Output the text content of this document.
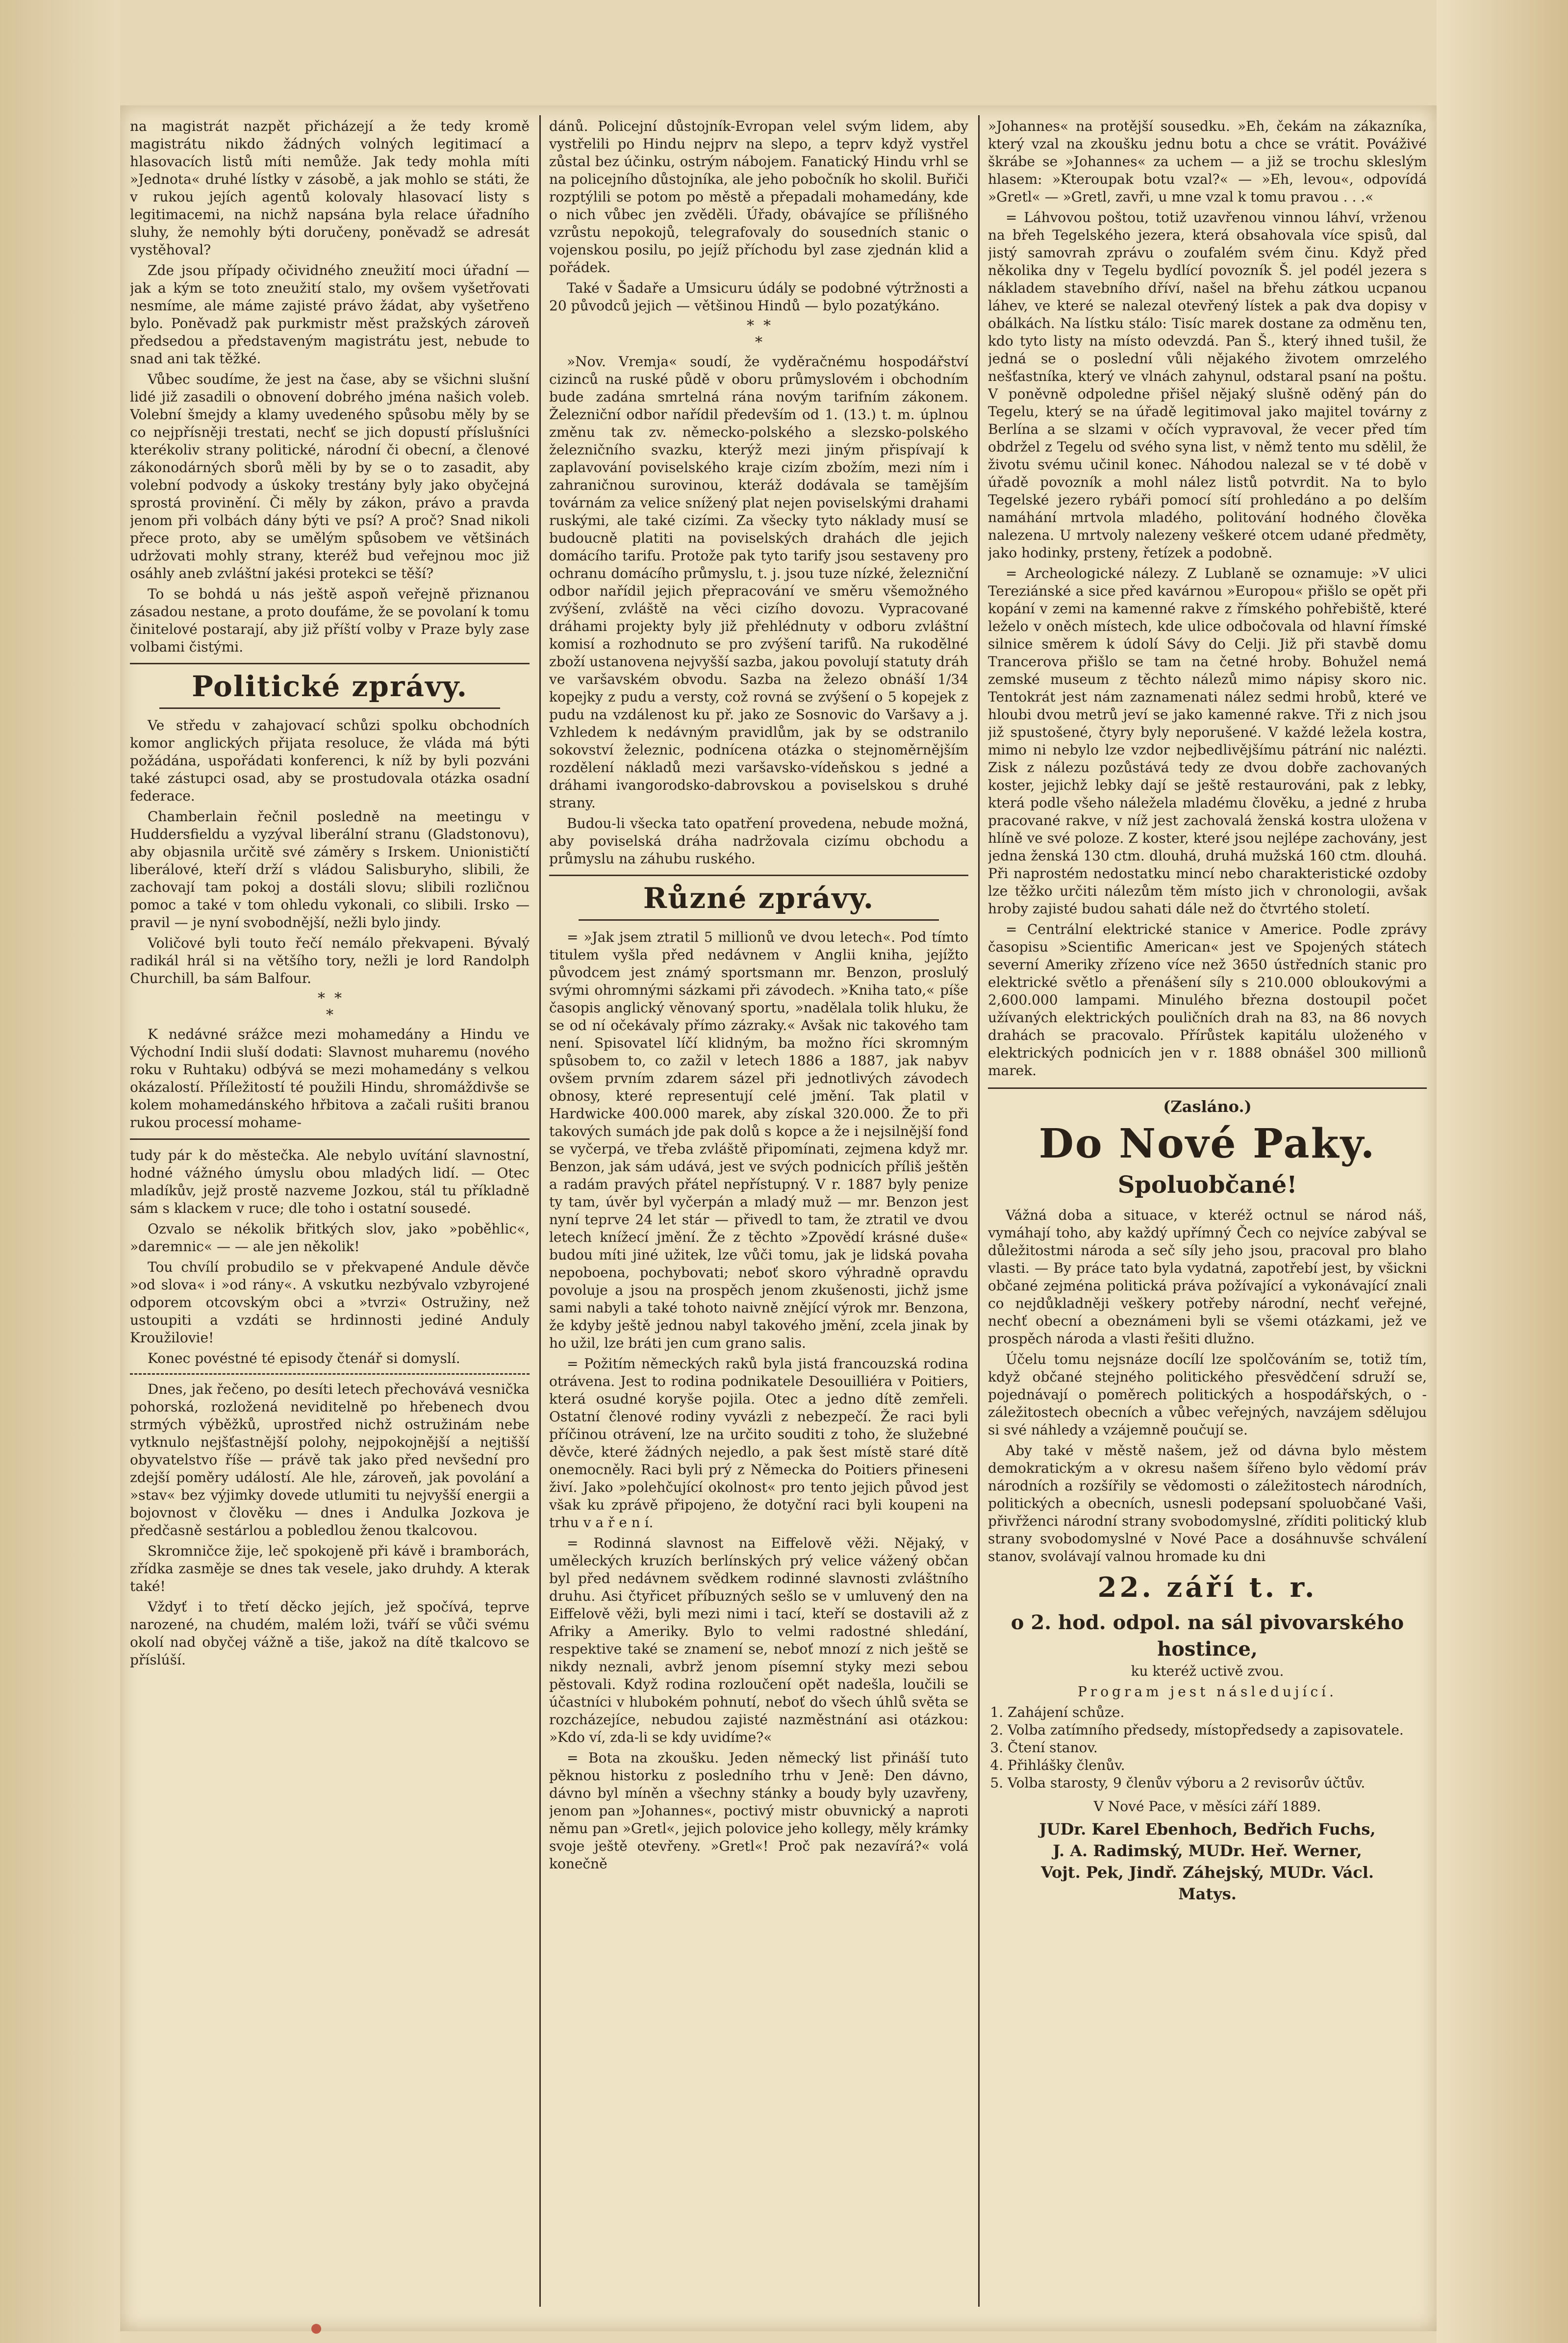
na magistrát nazpět přicházejí a že tedy kromě magistrátu nikdo žádných volných legitimací a hlasovacích listů míti nemůže. Jak tedy mohla míti »Jednota« druhé lístky v zásobě, a jak mohlo se státi, že v rukou jejích agentů kolovaly hlasovací listy s legitimacemi, na nichž napsána byla relace úřadního sluhy, že nemohly býti doručeny, poněvadž se adresát vystěhoval?

Zde jsou případy očividného zneužití moci úřadní — jak a kým se toto zneužití stalo, my ovšem vyšetřovati nesmíme, ale máme zajisté právo žádat, aby vyšetřeno bylo. Poněvadž pak purkmistr měst pražských zároveň předsedou a představeným magistrátu jest, nebude to snad ani tak těžké.

Vůbec soudíme, že jest na čase, aby se všichni slušní lidé již zasadili o obnovení dobrého jména našich voleb. Volební šmejdy a klamy uvedeného spůsobu měly by se co nejpřísněji trestati, nechť se jich dopustí příslušníci kterékoliv strany politické, národní či obecní, a členové zákonodárných sborů měli by by se o to zasadit, aby volební podvody a úskoky trestány byly jako obyčejná sprostá provinění. Či měly by zákon, právo a pravda jenom při volbách dány býti ve psí? A proč? Snad nikoli přece proto, aby se umělým spůsobem ve většinách udržovati mohly strany, kteréž bud veřejnou moc již osáhly aneb zvláštní jakési protekci se těší?

To se bohdá u nás ještě aspoň veřejně přiznanou zásadou nestane, a proto doufáme, že se povolaní k tomu činitelové postarají, aby již příští volby v Praze byly zase volbami čistými.

Politické zprávy.

Ve středu v zahajovací schůzi spolku obchodních komor anglických přijata resoluce, že vláda má býti požádána, uspořádati konferenci, k níž by byli pozváni také zástupci osad, aby se prostudovala otázka osadní federace.

Chamberlain řečnil posledně na meetingu v Huddersfieldu a vyzýval liberální stranu (Gladstonovu), aby objasnila určitě své záměry s Irskem. Unionističtí liberálové, kteří drží s vládou Salisburyho, slibili, že zachovají tam pokoj a dostáli slovu; slibili rozličnou pomoc a také v tom ohledu vykonali, co slibili. Irsko — pravil — je nyní svobodnější, nežli bylo jindy.

Voličové byli touto řečí nemálo překvapeni. Bývalý radikál hrál si na většího tory, nežli je lord Randolph Churchill, ba sám Balfour.

*  *
*

K nedávné srážce mezi mohamedány a Hindu ve Východní Indii sluší dodati: Slavnost muharemu (nového roku v Ruhtaku) odbývá se mezi mohamedány s velkou okázalostí. Příležitostí té použili Hindu, shromáždivše se kolem mohamedánského hřbitova a začali rušiti branou rukou processí mohame-

tudy pár k do městečka. Ale nebylo uvítání slavnostní, hodné vážného úmyslu obou mladých lidí. — Otec mladíkův, jejž prostě nazveme Jozkou, stál tu příkladně sám s klackem v ruce; dle toho i ostatní sousedé.

Ozvalo se nékolik břitkých slov, jako »poběhlic«, »daremnic« — — ale jen několik!

Tou chvílí probudilo se v překvapené Andule děvče »od slova« i »od rány«. A vskutku nezbývalo vzbyrojené odporem otcovským obci a »tvrzi« Ostružiny, než ustoupiti a vzdáti se hrdinnosti jediné Anduly Kroužilovie!

Konec povéstné té episody čtenář si domyslí.

Dnes, jak řečeno, po desíti letech přechovává vesnička pohorská, rozložená neviditelně po hřebenech dvou strmých výběžků, uprostřed nichž ostružinám nebe vytknulo nejšťastnější polohy, nejpokojnější a nejtišší obyvatelstvo říše — právě tak jako před nevšední pro zdejší poměry událostí. Ale hle, zároveň, jak povolání a »stav« bez výjimky dovede utlumiti tu nejvyšší energii a bojovnost v člověku — dnes i Andulka Jozkova je předčasně sestárlou a pobledlou ženou tkalcovou.

Skromničce žije, leč spokojeně při kávě i bramborách, zřídka zasměje se dnes tak vesele, jako druhdy. A kterak také!

Vždyť i to třetí děcko jejích, jež spočívá, teprve narozené, na chudém, malém loži, tváří se vůči svému okolí nad obyčej vážně a tiše, jakož na dítě tkalcovo se příslúší.

dánů. Policejní důstojník-Evropan velel svým lidem, aby vystřelili po Hindu nejprv na slepo, a teprv když vystřel zůstal bez účinku, ostrým nábojem. Fanatický Hindu vrhl se na policejního důstojníka, ale jeho pobočník ho skolil. Buřiči rozptýlili se potom po městě a přepadali mohamedány, kde o nich vůbec jen zvěděli. Úřady, obávajíce se přílišného vzrůstu nepokojů, telegrafovaly do sousedních stanic o vojenskou posilu, po jejíž příchodu byl zase zjednán klid a pořádek.

Také v Šadaře a Umsicuru údály se podobné výtržnosti a 20 původců jejich — většinou Hindů — bylo pozatýkáno.

*  *
*

»Nov. Vremja« soudí, že vyděračnému hospodářství cizinců na ruské půdě v oboru průmyslovém i obchodním bude zadána smrtelná rána novým tarifním zákonem. Železniční odbor nařídil především od 1. (13.) t. m. úplnou změnu tak zv. německo-polského a slezsko-polského železničního svazku, kterýž mezi jiným přispívají k zaplavování poviselského kraje cizím zbožím, mezi ním i zahraničnou surovinou, kteráž dodávala se tamějším továrnám za velice snížený plat nejen poviselskými drahami ruskými, ale také cizími. Za všecky tyto náklady musí se budoucně platiti na poviselských drahách dle jejich domácího tarifu. Protože pak tyto tarify jsou sestaveny pro ochranu domácího průmyslu, t. j. jsou tuze nízké, železniční odbor nařídil jejich přepracování ve směru všemožného zvýšení, zvláště na věci cizího dovozu. Vypracované dráhami projekty byly již přehlédnuty v odboru zvláštní komisí a rozhodnuto se pro zvýšení tarifů. Na rukodělné zboží ustanovena nejvyšší sazba, jakou povolují statuty dráh ve varšavském obvodu. Sazba na železo obnáší 1/34 kopejky z pudu a versty, což rovná se zvýšení o 5 kopejek z pudu na vzdálenost ku př. jako ze Sosnovic do Varšavy a j. Vzhledem k nedávným pravidlům, jak by se odstranilo sokovství železnic, podnícena otázka o stejnoměrnějším rozdělení nákladů mezi varšavsko-vídeňskou s jedné a dráhami ivangorodsko-dabrovskou a poviselskou s druhé strany.

Budou-li všecka tato opatření provedena, nebude možná, aby poviselská dráha nadržovala cizímu obchodu a průmyslu na záhubu ruského.

Různé zprávy.

= »Jak jsem ztratil 5 millionů ve dvou letech«. Pod tímto titulem vyšla před nedávnem v Anglii kniha, jejížto původcem jest známý sportsmann mr. Benzon, proslulý svými ohromnými sázkami při závodech. »Kniha tato,« píše časopis anglický věnovaný sportu, »nadělala tolik hluku, že se od ní očekávaly přímo zázraky.« Avšak nic takového tam není. Spisovatel líčí klidným, ba možno říci skromným spůsobem to, co zažil v letech 1886 a 1887, jak nabyv ovšem prvním zdarem sázel při jednotlivých závodech obnosy, které representují celé jmění. Tak platil v Hardwicke 400.000 marek, aby získal 320.000. Že to při takových sumách jde pak dolů s kopce a že i nejsilnější fond se vyčerpá, ve třeba zvláště připomínati, zejmena když mr. Benzon, jak sám udává, jest ve svých podnicích příliš ještěn a radám pravých přátel nepřístupný. V r. 1887 byly penize ty tam, úvěr byl vyčerpán a mladý muž — mr. Benzon jest nyní teprve 24 let stár — přivedl to tam, že ztratil ve dvou letech knížecí jmění. Že z těchto »Zpovědí krásné duše« budou míti jiné užitek, lze vůči tomu, jak je lidská povaha nepoboena, pochybovati; neboť skoro výhradně opravdu povoluje a jsou na prospěch jenom zkušenosti, jichž jsme sami nabyli a také tohoto naivně znějící výrok mr. Benzona, že kdyby ještě jednou nabyl takového jmění, zcela jinak by ho užil, lze bráti jen cum grano salis.

= Požitím německých raků byla jistá francouzská rodina otrávena. Jest to rodina podnikatele Desouilliéra v Poitiers, která osudné koryše pojila. Otec a jedno dítě zemřeli. Ostatní členové rodiny vyvázli z nebezpečí. Že raci byli příčinou otrávení, lze na určito souditi z toho, že služebné děvče, které žádných nejedlo, a pak šest místě staré dítě onemocněly. Raci byli prý z Německa do Poitiers přineseni živí. Jako »polehčující okolnost« pro tento jejich původ jest však ku zprávě připojeno, že dotyční raci byli koupeni na trhu v a ř e n í.

= Rodinná slavnost na Eiffelově věži. Nějaký, v uměleckých kruzích berlínských prý velice vážený občan byl před nedávnem svědkem rodinné slavnosti zvláštního druhu. Asi čtyřicet příbuzných sešlo se v umluvený den na Eiffelově věži, byli mezi nimi i tací, kteří se dostavili až z Afriky a Ameriky. Bylo to velmi radostné shledání, respektive také se znamení se, neboť mnozí z nich ještě se nikdy neznali, avbrž jenom písemní styky mezi sebou pěstovali. Když rodina rozloučení opět nadešla, loučili se účastníci v hlubokém pohnutí, neboť do všech úhlů světa se rozcházejíce, nebudou zajisté nazměstnání asi otázkou: »Kdo ví, zda-li se kdy uvidíme?«

= Bota na zkoušku. Jeden německý list přináší tuto pěknou historku z posledního trhu v Jeně: Den dávno, dávno byl míněn a všechny stánky a boudy byly uzavřeny, jenom pan »Johannes«, poctivý mistr obuvnický a naproti němu pan »Gretl«, jejich polovice jeho kollegy, měly krámky svoje ještě otevřeny. »Gretl«! Proč pak nezavírá?« volá konečně

»Johannes« na protější sousedku. »Eh, čekám na zákazníka, který vzal na zkoušku jednu botu a chce se vrátit. Pováživé škrábe se »Johannes« za uchem — a již se trochu skleslým hlasem: »Kteroupak botu vzal?« — »Eh, levou«, odpovídá »Gretl« — »Gretl, zavři, u mne vzal k tomu pravou . . .«

= Láhvovou poštou, totiž uzavřenou vinnou láhví, vrženou na břeh Tegelského jezera, která obsahovala více spisů, dal jistý samovrah zprávu o zoufalém svém činu. Když před několika dny v Tegelu bydlící povozník Š. jel podél jezera s nákladem stavebního dříví, našel na břehu zátkou ucpanou láhev, ve které se nalezal otevřený lístek a pak dva dopisy v obálkách. Na lístku stálo: Tisíc marek dostane za odměnu ten, kdo tyto listy na místo odevzdá. Pan Š., který ihned tušil, že jedná se o poslední vůli nějakého životem omrzelého nešťastníka, který ve vlnách zahynul, odstaral psaní na poštu. V poněvně odpoledne přišel nějaký slušně oděný pán do Tegelu, který se na úřadě legitimoval jako majitel továrny z Berlína a se slzami v očích vypravoval, že vecer před tím obdržel z Tegelu od svého syna list, v němž tento mu sdělil, že životu svému učinil konec. Náhodou nalezal se v té době v úřadě povozník a mohl nález listů potvrdit. Na to bylo Tegelské jezero rybáři pomocí sítí prohledáno a po delším namáhání mrtvola mladého, politování hodného člověka nalezena. U mrtvoly nalezeny veškeré otcem udané předměty, jako hodinky, prsteny, řetízek a podobně.

= Archeologické nálezy. Z Lublaně se oznamuje: »V ulici Tereziánské a sice před kavárnou »Europou« přišlo se opět při kopání v zemi na kamenné rakve z římského pohřebiště, které leželo v oněch místech, kde ulice odbočovala od hlavní římské silnice směrem k údolí Sávy do Celji. Již při stavbě domu Trancerova přišlo se tam na četné hroby. Bohužel nemá zemské museum z těchto nálezů mimo nápisy skoro nic. Tentokrát jest nám zaznamenati nález sedmi hrobů, které ve hloubi dvou metrů jeví se jako kamenné rakve. Tři z nich jsou již spustošené, čtyry byly neporušené. V každé ležela kostra, mimo ni nebylo lze vzdor nejbedlivějšímu pátrání nic nalézti. Zisk z nálezu pozůstává tedy ze dvou dobře zachovaných koster, jejichž lebky dají se ještě restaurováni, pak z lebky, která podle všeho náležela mladému člověku, a jedné z hruba pracované rakve, v níž jest zachovalá ženská kostra uložena v hlíně ve své poloze. Z koster, které jsou nejlépe zachovány, jest jedna ženská 130 ctm. dlouhá, druhá mužská 160 ctm. dlouhá. Při naprostém nedostatku mincí nebo charakteristické ozdoby lze těžko určiti nálezům těm místo jich v chronologii, avšak hroby zajisté budou sahati dále než do čtvrtého století.

= Centrální elektrické stanice v Americe. Podle zprávy časopisu »Scientific American« jest ve Spojených státech severní Ameriky zřízeno více než 3650 ústředních stanic pro elektrické světlo a přenášení síly s 210.000 obloukovými a 2,600.000 lampami. Minulého března dostoupil počet užívaných elektrických pouličních drah na 83, na 86 novych drahách se pracovalo. Přírůstek kapitálu uloženého v elektrických podnicích jen v r. 1888 obnášel 300 millionů marek.

(Zasláno.)
Do Nové Paky.
Spoluobčané!

Vážná doba a situace, v kteréž octnul se národ náš, vymáhají toho, aby každý upřímný Čech co nejvíce zabýval se důležitostmi národa a seč síly jeho jsou, pracoval pro blaho vlasti. — By práce tato byla vydatná, zapotřebí jest, by všickni občané zejména politická práva požívající a vykonávající znali co nejdůkladněji veškery potřeby národní, nechť veřejné, nechť obecní a obeznámeni byli se všemi otázkami, jež ve prospěch národa a vlasti řešiti dlužno.

Účelu tomu nejsnáze docílí lze spolčováním se, totiž tím, když občané stejného politického přesvědčení sdruží se, pojednávají o poměrech politických a hospodářských, o -záležitostech obecních a vůbec veřejných, navzájem sdělujou si své náhledy a vzájemně poučují se.

Aby také v městě našem, jež od dávna bylo městem demokratickým a v okresu našem šířeno bylo vědomí práv národních a rozšířily se vědomosti o záležitostech národních, politických a obecních, usnesli podepsaní spoluobčané Vaši, přivřženci národní strany svobodomyslné, zříditi politický klub strany svobodomyslné v Nové Pace a dosáhnuvše schválení stanov, svolávají valnou hromade ku dni

22. září t. r.
o 2. hod. odpol. na sál pivovarského hostince,

ku kteréž uctivě zvou.

Program jest následující.

1. Zahájení schůze.
2. Volba zatímního předsedy, místopředsedy a zapisovatele.
3. Čtení stanov.
4. Přihlášky členův.
5. Volba starosty, 9 členův výboru a 2 revisorův účtův.

V Nové Pace, v měsíci září 1889.

JUDr. Karel Ebenhoch, Bedřich Fuchs,
J. A. Radimský, MUDr. Heř. Werner,
Vojt. Pek, Jindř. Záhejský, MUDr. Václ.
Matys.
